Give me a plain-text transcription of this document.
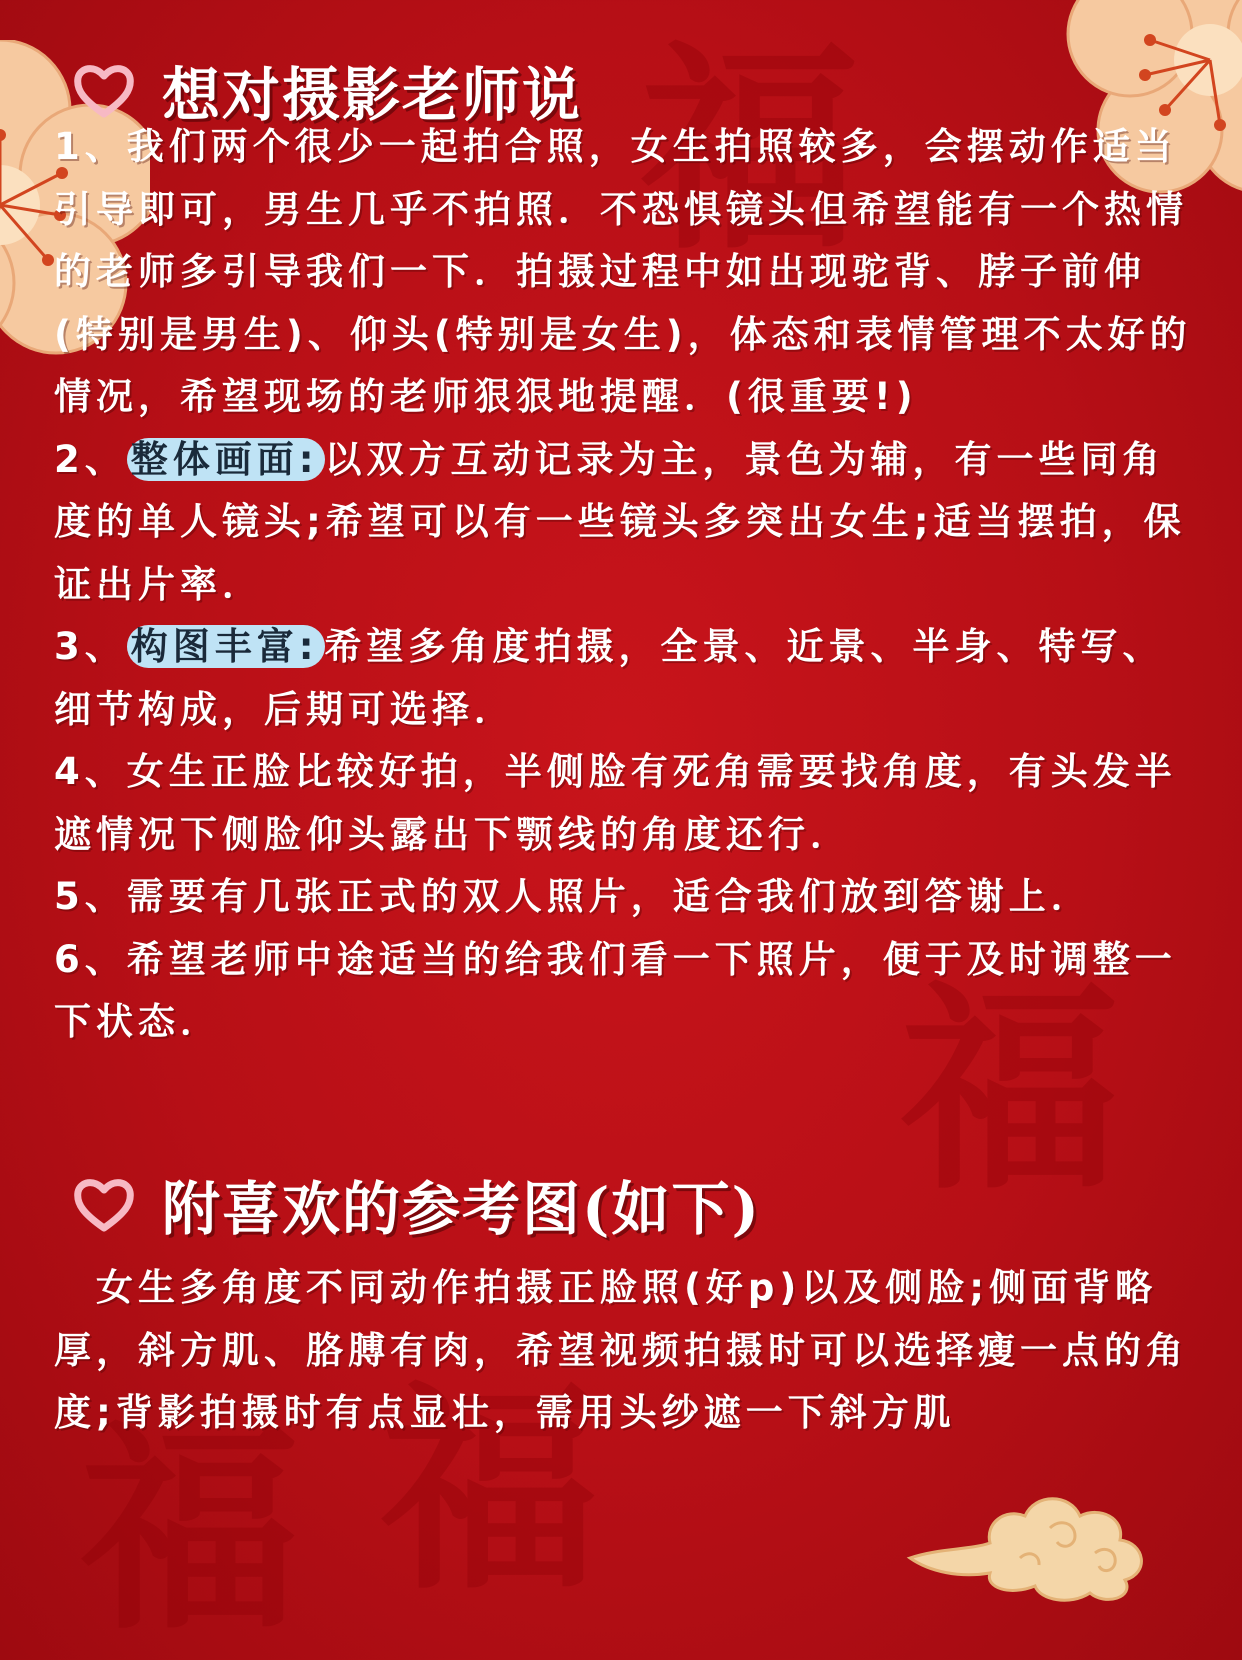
福
福
福 福
想对摄影老师说

1、我们两个很少一起拍合照，女生拍照较多，会摆动作适当引导即可，男生几乎不拍照．不恐惧镜头但希望能有一个热情的老师多引导我们一下．拍摄过程中如出现驼背、脖子前伸(特别是男生)、仰头(特别是女生)，体态和表情管理不太好的情况，希望现场的老师狠狠地提醒．(很重要!)

2、 整体画面: 以双方互动记录为主，景色为辅，有一些同角度的单人镜头;希望可以有一些镜头多突出女生;适当摆拍，保证出片率．

3、 构图丰富: 希望多角度拍摄，全景、近景、半身、特写、细节构成，后期可选择．

4、女生正脸比较好拍，半侧脸有死角需要找角度，有头发半遮情况下侧脸仰头露出下颚线的角度还行．

5、需要有几张正式的双人照片，适合我们放到答谢上．

6、希望老师中途适当的给我们看一下照片，便于及时调整一下状态．

附喜欢的参考图(如下)

女生多角度不同动作拍摄正脸照(好p)以及侧脸;侧面背略厚，斜方肌、胳膊有肉，希望视频拍摄时可以选择瘦一点的角度;背影拍摄时有点显壮，需用头纱遮一下斜方肌
